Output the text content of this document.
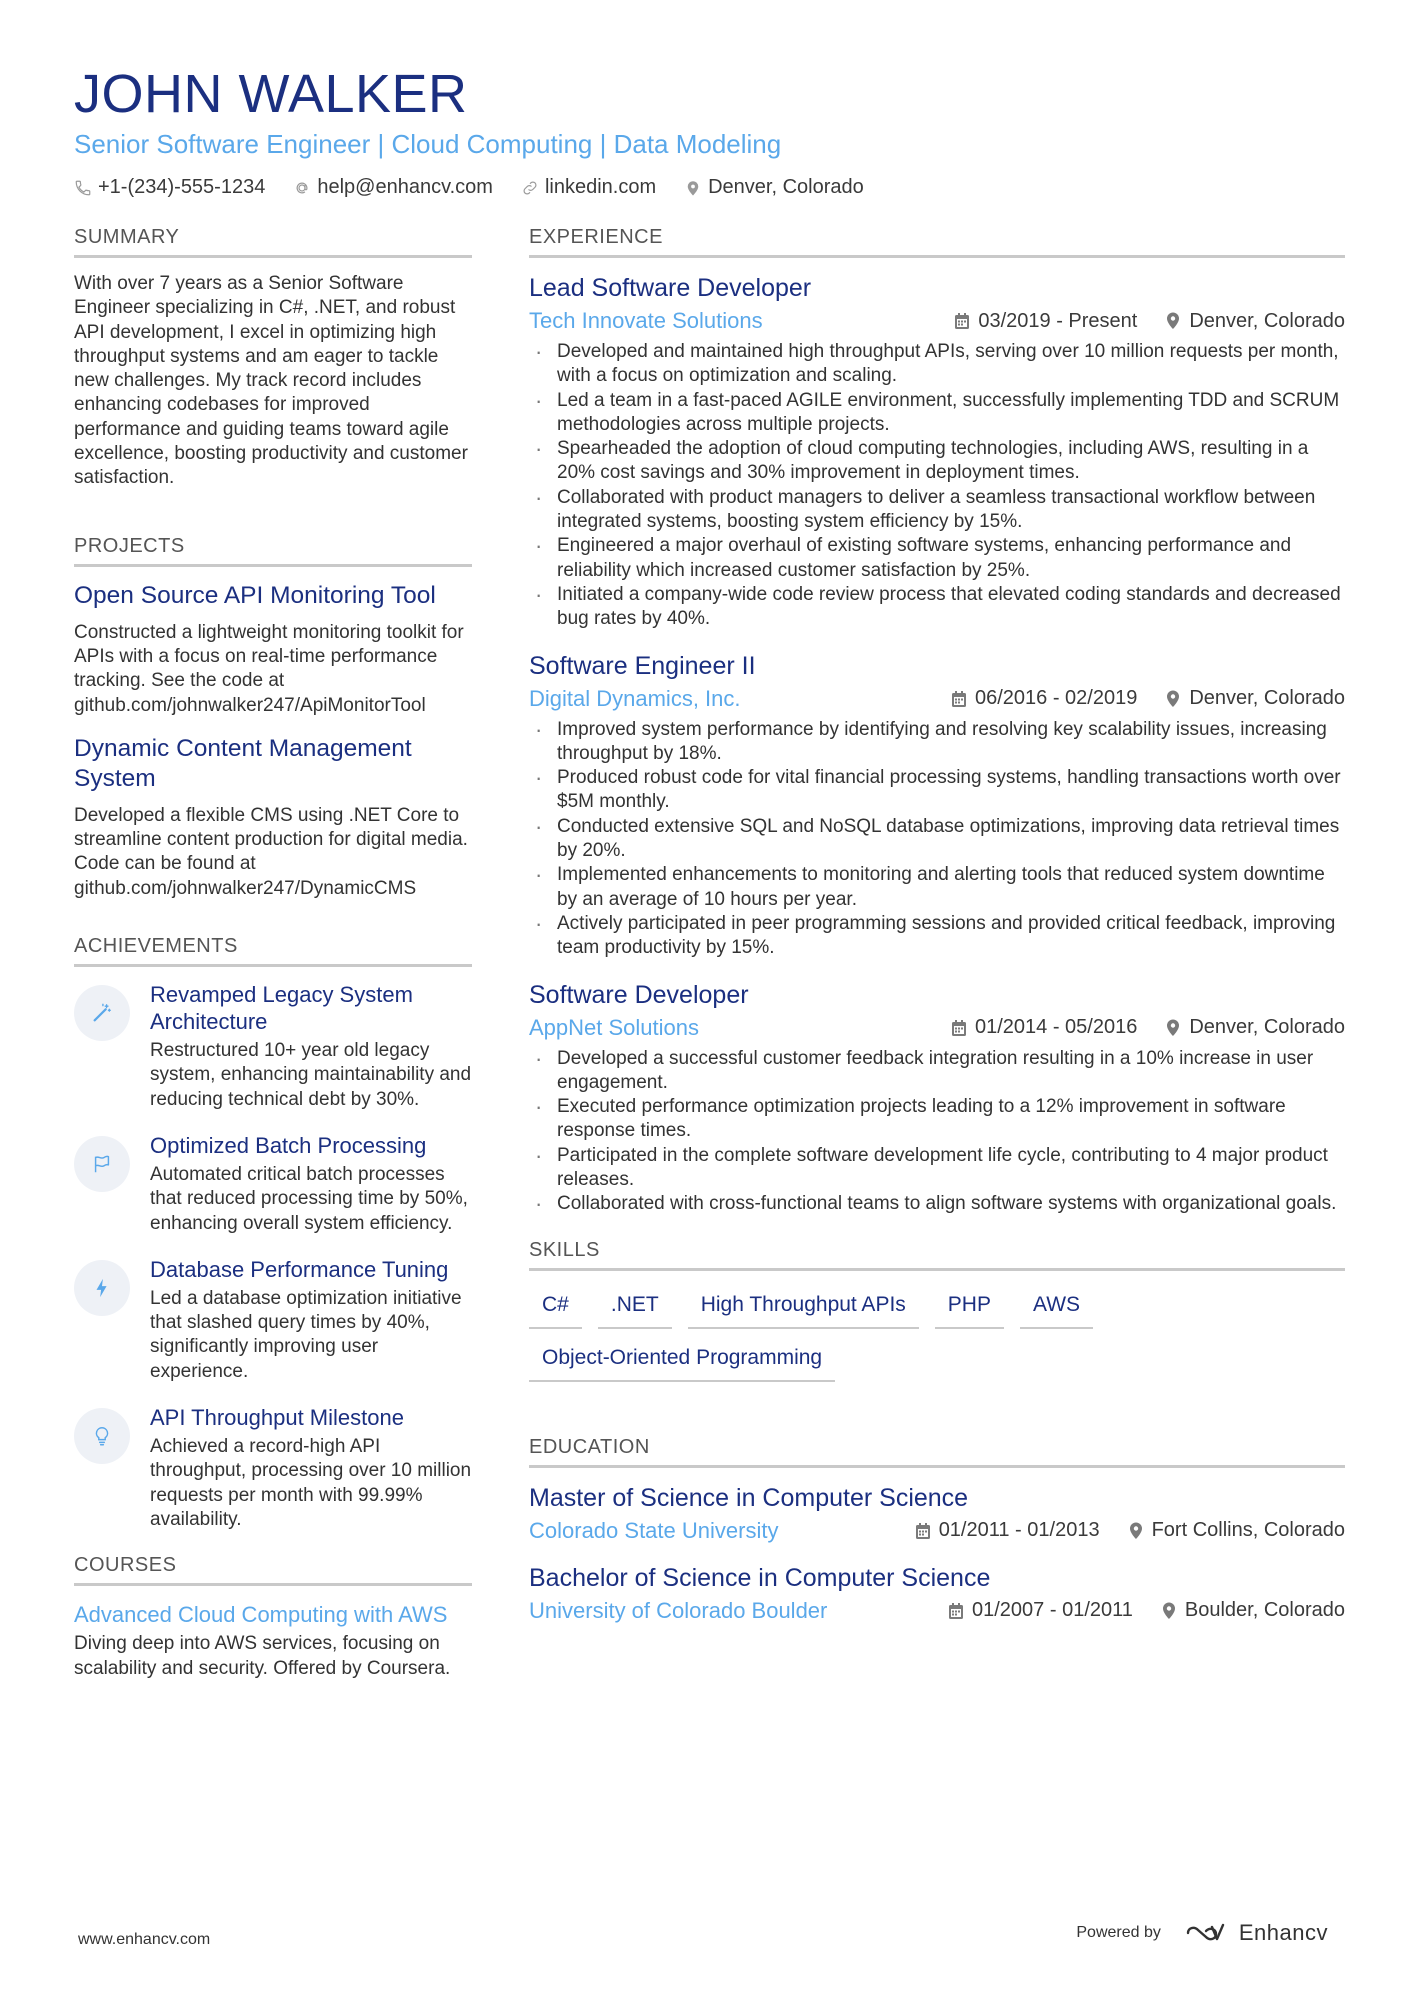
JOHN WALKER
Senior Software Engineer | Cloud Computing | Data Modeling
+1-(234)-555-1234	help@enhancv.com	linkedin.com	Denver, Colorado
SUMMARY
With over 7 years as a Senior Software Engineer specializing in C#, .NET, and robust API development, I excel in optimizing high throughput systems and am eager to tackle new challenges. My track record includes enhancing codebases for improved performance and guiding teams toward agile excellence, boosting productivity and customer satisfaction.
PROJECTS
Open Source API Monitoring Tool
Constructed a lightweight monitoring toolkit for APIs with a focus on real-time performance tracking. See the code at github.com/johnwalker247/ApiMonitorTool
Dynamic Content Management System
Developed a flexible CMS using .NET Core to streamline content production for digital media. Code can be found at github.com/johnwalker247/DynamicCMS
ACHIEVEMENTS
Revamped Legacy System Architecture
Restructured 10+ year old legacy system, enhancing maintainability and reducing technical debt by 30%.
Optimized Batch Processing
Automated critical batch processes that reduced processing time by 50%, enhancing overall system efficiency.
Database Performance Tuning
Led a database optimization initiative that slashed query times by 40%, significantly improving user experience.
API Throughput Milestone
Achieved a record-high API throughput, processing over 10 million requests per month with 99.99% availability.
COURSES
Advanced Cloud Computing with AWS
Diving deep into AWS services, focusing on scalability and security. Offered by Coursera.
EXPERIENCE
Lead Software Developer
Tech Innovate Solutions	03/2019 - Present	Denver, Colorado
· Developed and maintained high throughput APIs, serving over 10 million requests per month, with a focus on optimization and scaling.
· Led a team in a fast-paced AGILE environment, successfully implementing TDD and SCRUM methodologies across multiple projects.
· Spearheaded the adoption of cloud computing technologies, including AWS, resulting in a 20% cost savings and 30% improvement in deployment times.
· Collaborated with product managers to deliver a seamless transactional workflow between integrated systems, boosting system efficiency by 15%.
· Engineered a major overhaul of existing software systems, enhancing performance and reliability which increased customer satisfaction by 25%.
· Initiated a company-wide code review process that elevated coding standards and decreased bug rates by 40%.
Software Engineer II
Digital Dynamics, Inc.	06/2016 - 02/2019	Denver, Colorado
· Improved system performance by identifying and resolving key scalability issues, increasing throughput by 18%.
· Produced robust code for vital financial processing systems, handling transactions worth over $5M monthly.
· Conducted extensive SQL and NoSQL database optimizations, improving data retrieval times by 20%.
· Implemented enhancements to monitoring and alerting tools that reduced system downtime by an average of 10 hours per year.
· Actively participated in peer programming sessions and provided critical feedback, improving team productivity by 15%.
Software Developer
AppNet Solutions	01/2014 - 05/2016	Denver, Colorado
· Developed a successful customer feedback integration resulting in a 10% increase in user engagement.
· Executed performance optimization projects leading to a 12% improvement in software response times.
· Participated in the complete software development life cycle, contributing to 4 major product releases.
· Collaborated with cross-functional teams to align software systems with organizational goals.
SKILLS
C#	.NET	High Throughput APIs	PHP	AWS
Object-Oriented Programming
EDUCATION
Master of Science in Computer Science
Colorado State University	01/2011 - 01/2013	Fort Collins, Colorado
Bachelor of Science in Computer Science
University of Colorado Boulder	01/2007 - 01/2011	Boulder, Colorado
www.enhancv.com	Powered by	Enhancv
